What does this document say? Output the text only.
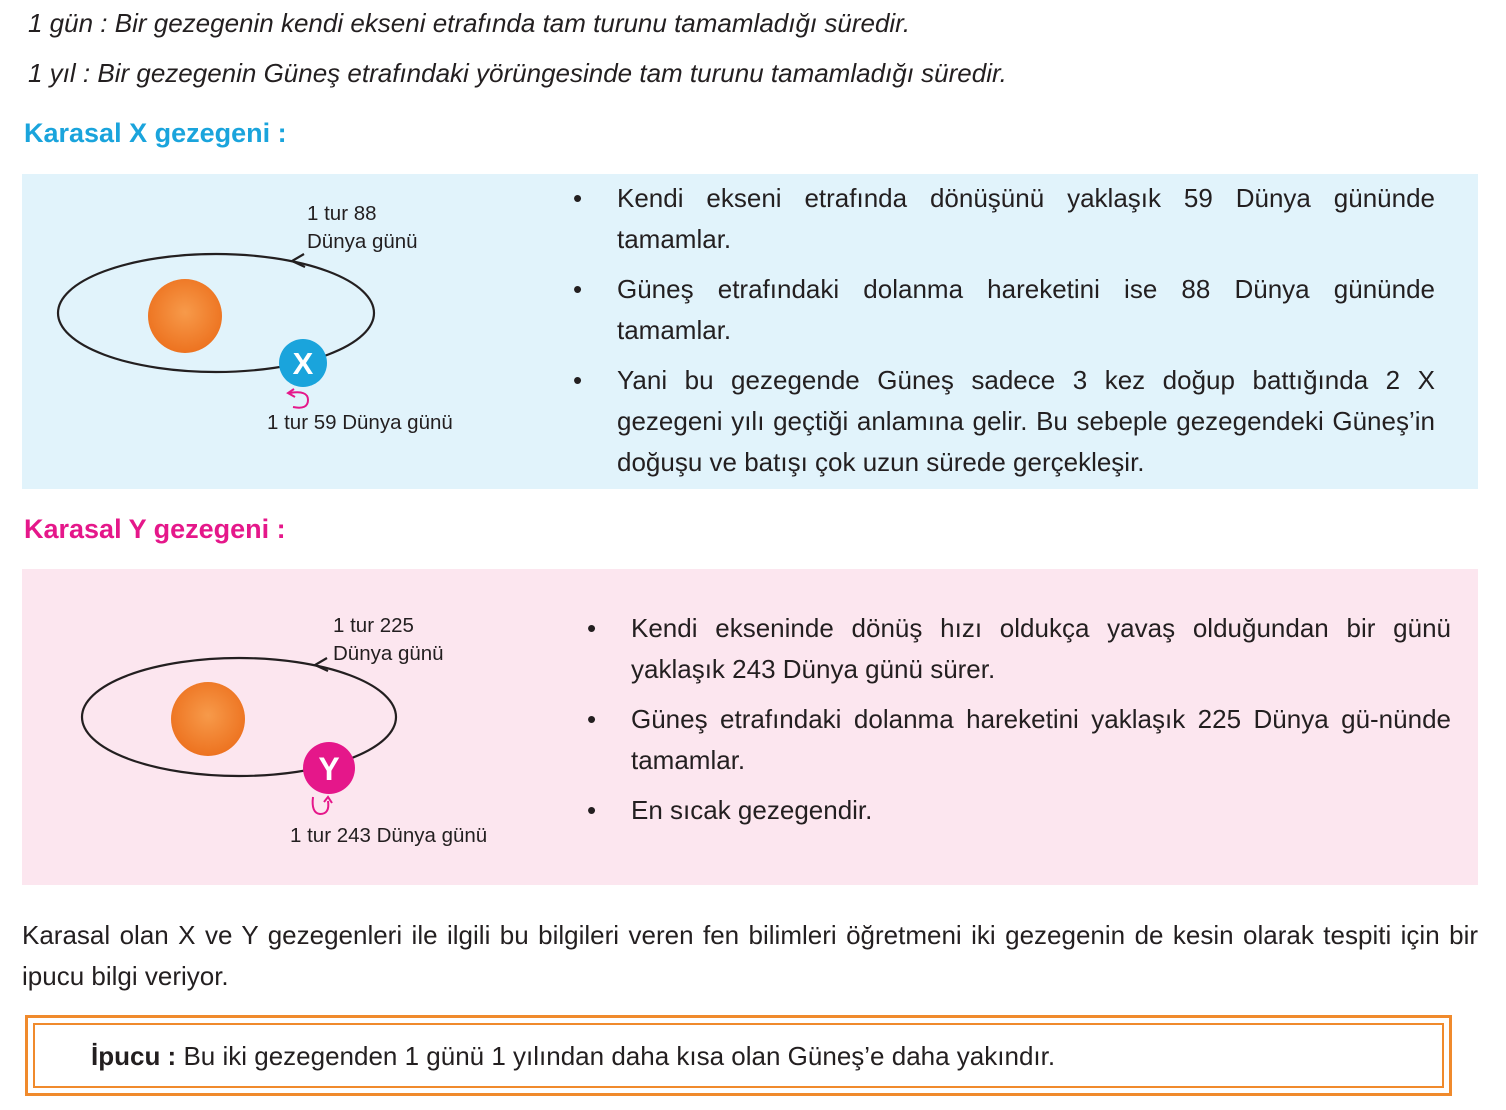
1 gün : Bir gezegenin kendi ekseni etrafında tam turunu tamamladığı süredir.
1 yıl : Bir gezegenin Güneş etrafındaki yörüngesinde tam turunu tamamladığı süredir.
Karasal X gezegeni :
X
1 tur 88
Dünya günü
1 tur 59 Dünya günü
• Kendi ekseni etrafında dönüşünü yaklaşık 59 Dünya gününde tamamlar.
• Güneş etrafındaki dolanma hareketini ise 88 Dünya gününde tamamlar.
• Yani bu gezegende Güneş sadece 3 kez doğup battığında 2 X gezegeni yılı geçtiği anlamına gelir. Bu sebeple gezegendeki Güneş’in doğuşu ve batışı çok uzun sürede gerçekleşir.
Karasal Y gezegeni :
Y
1 tur 225
Dünya günü
1 tur 243 Dünya günü
• Kendi ekseninde dönüş hızı oldukça yavaş olduğundan bir günü yaklaşık 243 Dünya günü sürer.
• Güneş etrafındaki dolanma hareketini yaklaşık 225 Dünya gü-nünde tamamlar.
• En sıcak gezegendir.
Karasal olan X ve Y gezegenleri ile ilgili bu bilgileri veren fen bilimleri öğretmeni iki gezegenin de kesin olarak tespiti için bir ipucu bilgi veriyor.
İpucu : Bu iki gezegenden 1 günü 1 yılından daha kısa olan Güneş’e daha yakındır.
